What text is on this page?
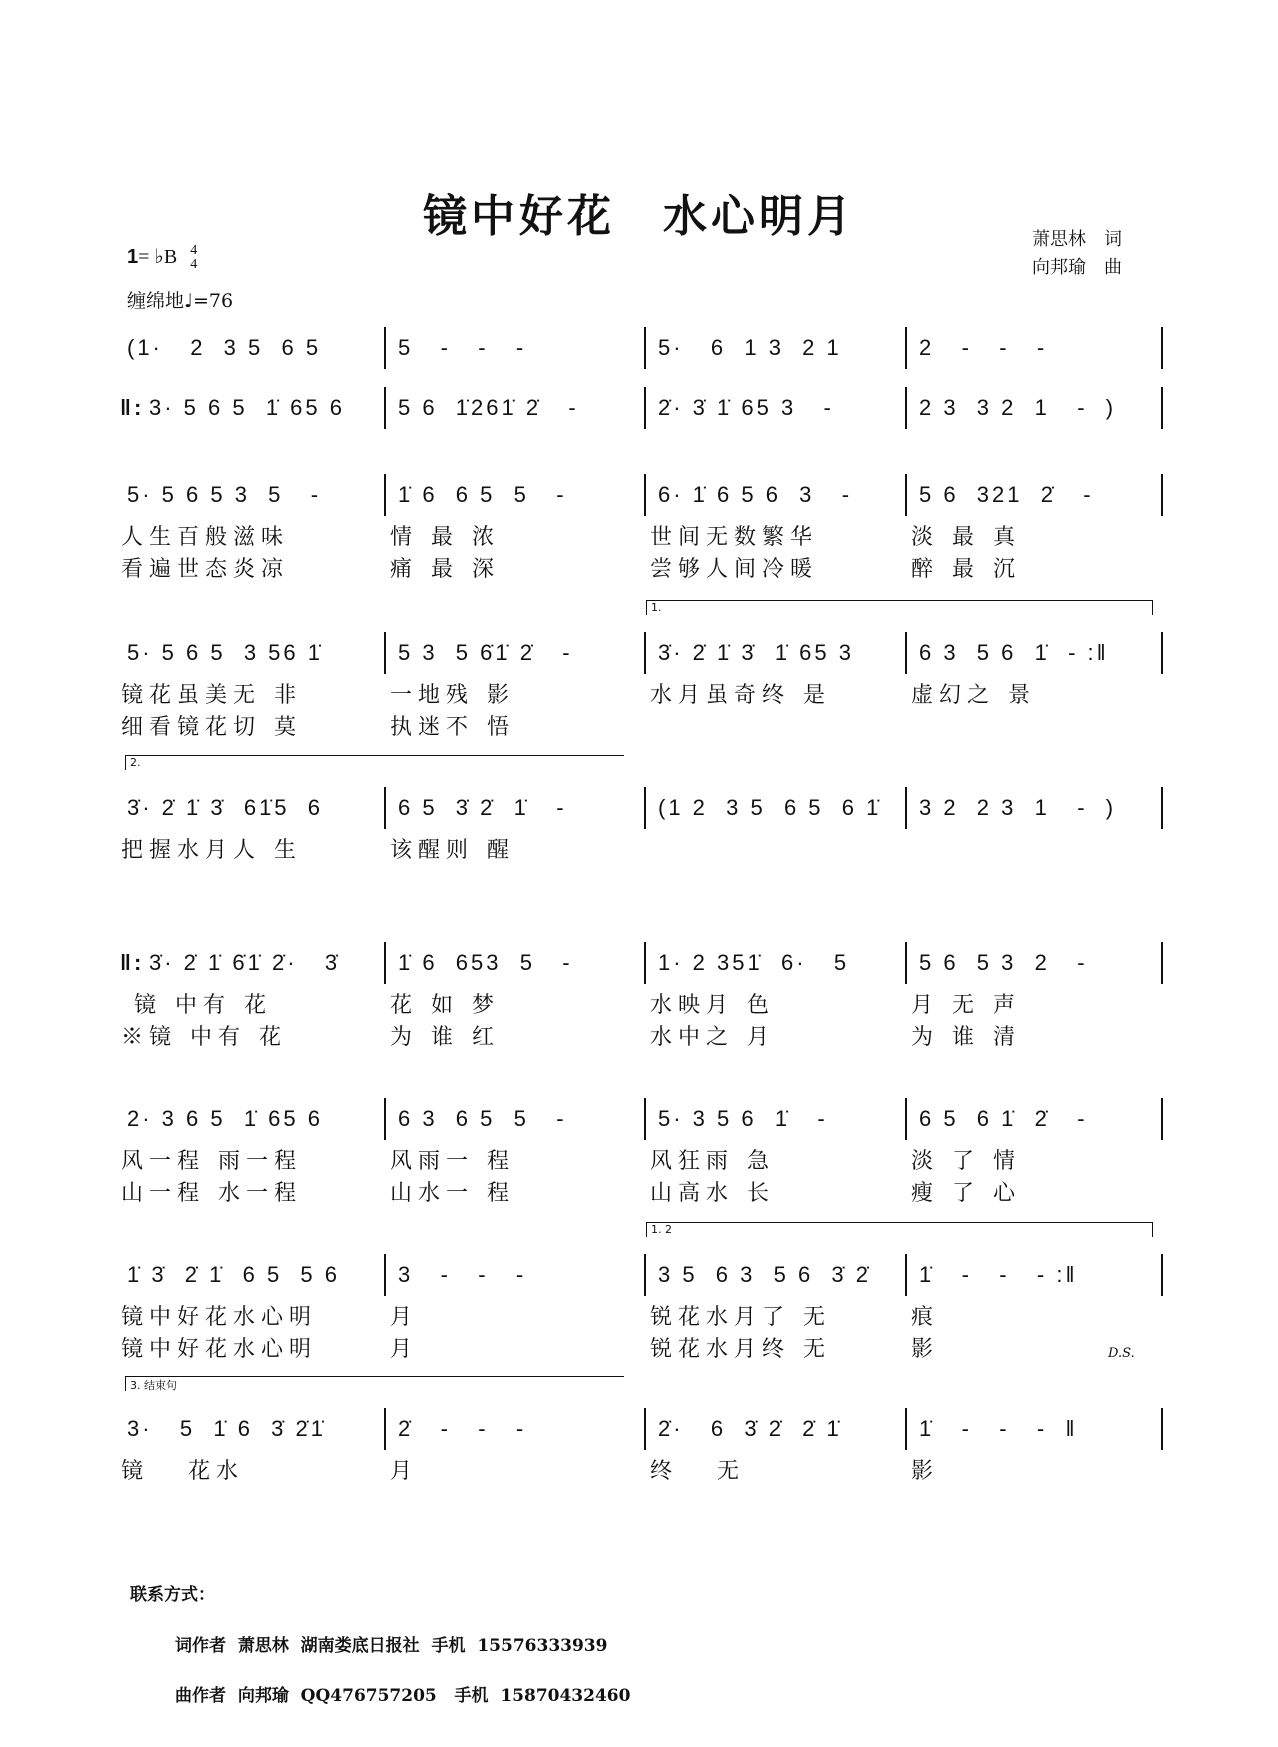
镜中好花　水心明月
1= ♭B 4
4
缠绵地♩=76
萧思林　词
向邦瑜　曲
(1·   2  3 5  6 5	5   -   -   -	5·   6  1 3  2 1	2   -   -   -
‖: 3· 5 6 5  1̇ 65 6 5 6  1̇261̇ 2̇   -	2̇· 3̇ 1̇ 65 3   -	2 3  3 2  1   -  )
5· 5 6 5 3  5   -	1̇ 6  6 5  5   -	6· 1̇ 6 5 6  3   -	5 6  321  2̇   -
人生百般滋味	情 最 浓	世间无数繁华	淡 最 真
看遍世态炎凉	痛 最 深	尝够人间冷暖	醉 最 沉
1.
5· 5 6 5  3 56 1̇	5 3  5 6̇1̇ 2̇   -	3̇· 2̇ 1̇ 3̇  1̇ 65 3	6 3  5 6  1̇  - :‖
镜花虽美无 非	一地残 影	水月虽奇终 是	虚幻之 景
细看镜花切 莫	执迷不 悟
2.
3̇· 2̇ 1̇ 3̇  61̇5  6	6 5  3̇ 2̇  1̇   -	(1 2  3 5  6 5  6 1̇ 3 2  2 3  1   -  )
把握水月人 生	该醒则 醒
‖: 3̇· 2̇ 1̇ 6̇1̇ 2̇·   3̇	1̇ 6  653  5   -	1· 2 351̇  6·   5	5 6  5 3  2   -
镜 中有 花	花 如 梦	水映月 色	月 无 声
※镜 中有 花	为 谁 红	水中之 月	为 谁 清
2· 3 6 5  1̇ 65 6	6 3  6 5  5   -	5· 3 5 6  1̇   -	6 5  6 1̇  2̇   -
风一程 雨一程	风雨一 程	风狂雨 急	淡 了 情
山一程 水一程	山水一 程	山高水 长	瘦 了 心
1. 2
1̇ 3̇  2̇ 1̇  6 5  5 6	3   -   -   -	3 5  6 3  5 6  3̇ 2̇ 1̇   -   -   - :‖
镜中好花水心明	月	锐花水月了 无	痕
镜中好花水心明	月	锐花水月终 无	影
3. 结束句
3·   5  1̇ 6  3̇ 2̇1̇	2̇   -   -   -	2̇·   6  3̇ 2̇  2̇ 1̇	1̇   -   -   -  ‖
镜   花水	月	终   无	影
D.S.
联系方式：
词作者  萧思林  湖南娄底日报社  手机  15576333939
曲作者  向邦瑜  QQ476757205   手机  15870432460
